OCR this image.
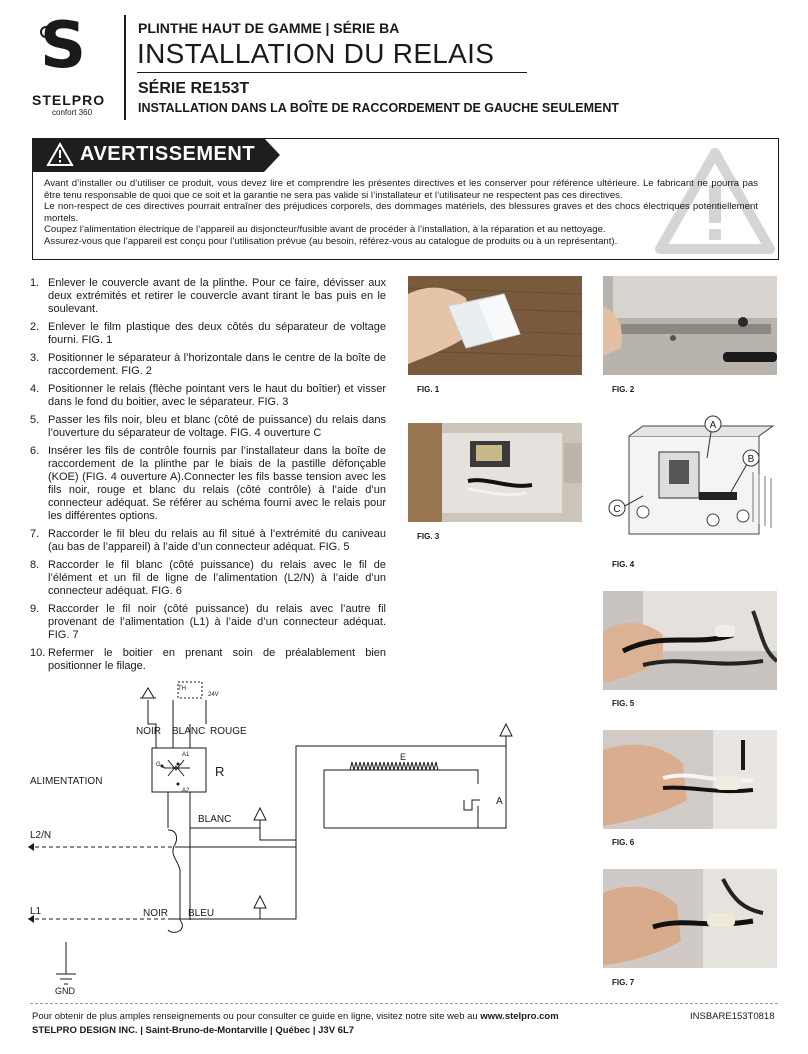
S
STELPRO
confort 360
PLINTHE HAUT DE GAMME | SÉRIE BA
INSTALLATION DU RELAIS
SÉRIE RE153T
INSTALLATION DANS LA BOÎTE DE RACCORDEMENT DE GAUCHE SEULEMENT
AVERTISSEMENT

Avant d’installer ou d’utiliser ce produit, vous devez lire et comprendre les présentes directives et les conserver pour référence ultérieure. Le fabricant ne pourra pas être tenu responsable de quoi que ce soit et la garantie ne sera pas valide si l’installateur et l’utilisateur ne respectent pas ces directives.

Le non-respect de ces directives pourrait entraîner des préjudices corporels, des dommages matériels, des blessures graves et des chocs électriques potentiellement mortels.

Coupez l’alimentation électrique de l’appareil au disjoncteur/fusible avant de procéder à l’installation, à la réparation et au nettoyage.

Assurez-vous que l’appareil est conçu pour l’utilisation prévue (au besoin, référez-vous au catalogue de produits ou à un représentant).

1. Enlever le couvercle avant de la plinthe. Pour ce faire, dévisser aux deux extrémités et retirer le couvercle avant tirant le bas puis en le soulevant.
2. Enlever le film plastique des deux côtés du séparateur de voltage fourni. FIG. 1
3. Positionner le séparateur à l’horizontale dans le centre de la boîte de raccordement. FIG. 2
4. Positionner le relais (flèche pointant vers le haut du boîtier) et visser dans le fond du boitier, avec le séparateur. FIG. 3
5. Passer les fils noir, bleu et blanc (côté de puissance) du relais dans l’ouverture du séparateur de voltage. FIG. 4 ouverture C
6. Insérer les fils de contrôle fournis par l’installateur dans la boîte de raccordement de la plinthe par le biais de la pastille défonçable (KOE) (FIG. 4 ouverture A).Connecter les fils basse tension avec les fils noir, rouge et blanc du relais (côté contrôle) à l’aide d’un connecteur adéquat. Se référer au schéma fourni avec le relais pour les différentes options.
7. Raccorder le fil bleu du relais au fil situé à l’extrémité du caniveau (au bas de l’appareil) à l’aide d’un connecteur adéquat. FIG. 5
8. Raccorder le fil blanc (côté puissance) du relais avec le fil de l’élément et un fil de ligne de l’alimentation (L2/N) à l’aide d’un connecteur adéquat. FIG. 6
9. Raccorder le fil noir (côté puissance) du relais avec l’autre fil provenant de l’alimentation (L1) à l’aide d’un connecteur adéquat. FIG. 7
10. Refermer le boitier en prenant soin de préalablement bien positionner le filage.
FIG. 1	FIG. 2
FIG. 3
A
B
C
FIG. 4
FIG. 5
FIG. 6
FIG. 7
TH
24V
NOIR BLANC ROUGE
A1
A2
G	R
ALIMENTATION
L2/N
L1
BLANC
NOIR BLEU
E
A
GND
Pour obtenir de plus amples renseignements ou pour consulter ce guide en ligne, visitez notre site web au www.stelpro.com	INSBARE153T0818
STELPRO DESIGN INC. | Saint-Bruno-de-Montarville | Québec | J3V 6L7
